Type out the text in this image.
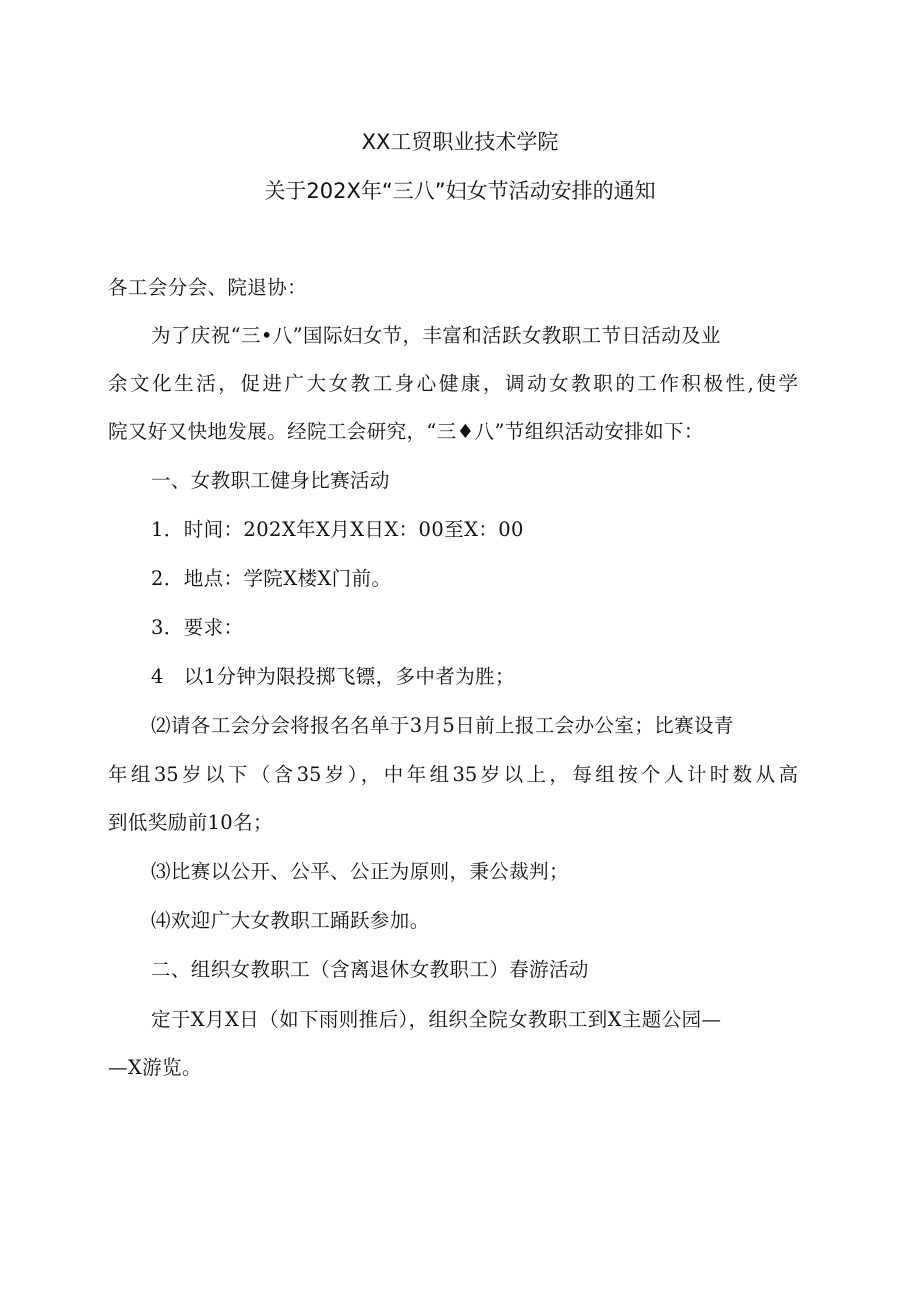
XX工贸职业技术学院
关于202X年“三八”妇女节活动安排的通知
各工会分会、院退协：
为了庆祝“三•八”国际妇女节，丰富和活跃女教职工节日活动及业
余文化生活，促进广大女教工身心健康，调动女教职的工作积极性,使学
院又好又快地发展。经院工会研究，“三♦八”节组织活动安排如下：
一、女教职工健身比赛活动
1．时间：202X年X月X日X：00至X：00
2．地点：学院X楼X门前。
3．要求：
4　以1分钟为限投掷飞镖，多中者为胜；
⑵请各工会分会将报名名单于3月5日前上报工会办公室；比赛设青
年组35岁以下（含35岁），中年组35岁以上，每组按个人计时数从高
到低奖励前10名；
⑶比赛以公开、公平、公正为原则，秉公裁判；
⑷欢迎广大女教职工踊跃参加。
二、组织女教职工（含离退休女教职工）春游活动
定于X月X日（如下雨则推后），组织全院女教职工到X主题公园—
—X游览。
